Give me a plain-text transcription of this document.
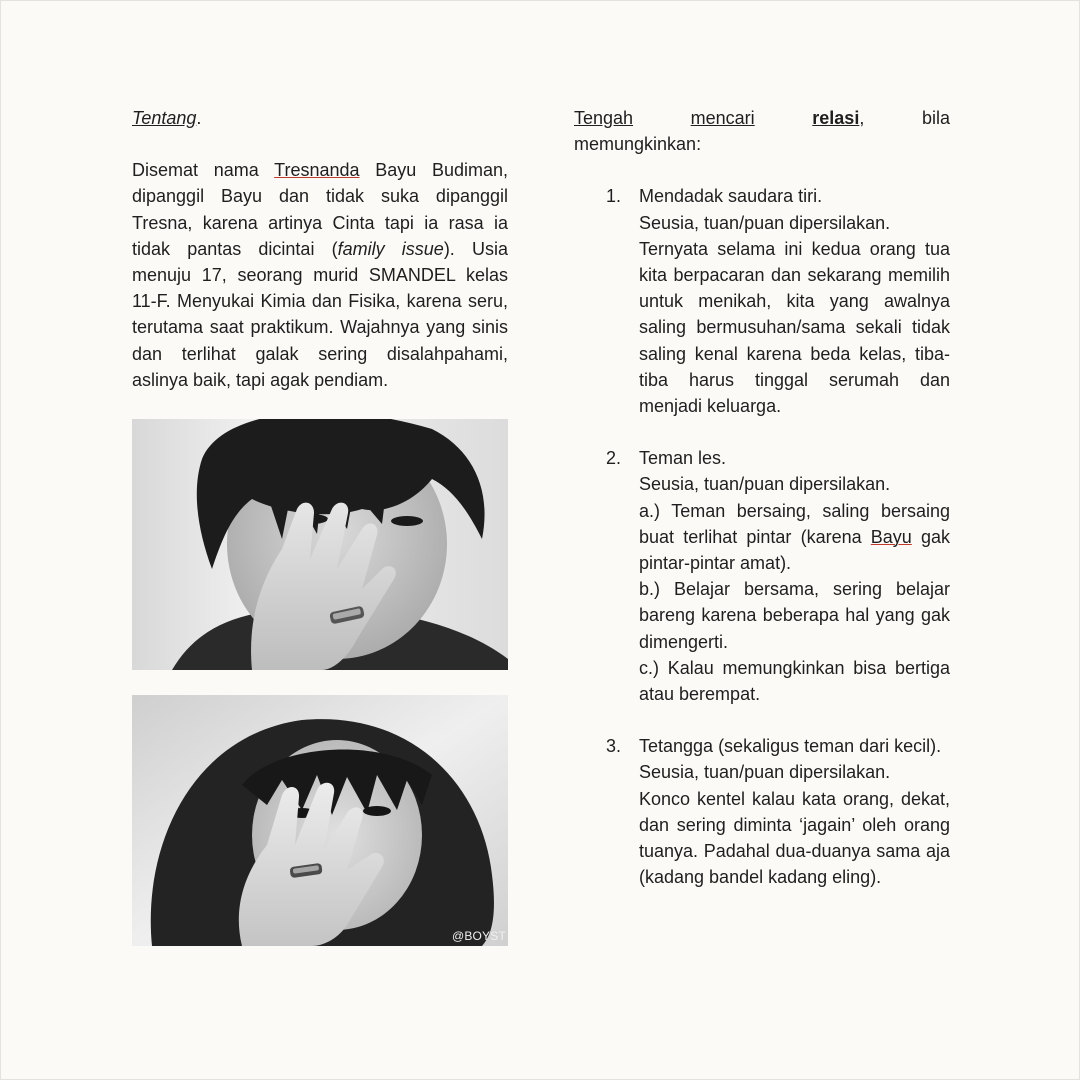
Tentang.

Disemat nama Tresnanda Bayu Budiman, dipanggil Bayu dan tidak suka dipanggil Tresna, karena artinya Cinta tapi ia rasa ia tidak pantas dicintai (family issue). Usia menuju 17, seorang murid SMANDEL kelas 11-F. Menyukai Kimia dan Fisika, karena seru, terutama saat praktikum. Wajahnya yang sinis dan terlihat galak sering disalahpahami, aslinya baik, tapi agak pendiam.

@BOYST
Tengah	mencari	relasi,	bila

memungkinkan:

1. Mendadak saudara tiri.

Seusia, tuan/puan dipersilakan.

Ternyata selama ini kedua orang tua kita berpacaran dan sekarang memilih untuk menikah, kita yang awalnya saling bermusuhan/sama sekali tidak saling kenal karena beda kelas, tiba-tiba harus tinggal serumah dan menjadi keluarga.

2. Teman les.

Seusia, tuan/puan dipersilakan.

a.) Teman bersaing, saling bersaing buat terlihat pintar (karena Bayu gak pintar-pintar amat).

b.) Belajar bersama, sering belajar bareng karena beberapa hal yang gak dimengerti.

c.) Kalau memungkinkan bisa bertiga atau berempat.

3. Tetangga (sekaligus teman dari kecil).

Seusia, tuan/puan dipersilakan.

Konco kentel kalau kata orang, dekat, dan sering diminta ‘jagain’ oleh orang tuanya. Padahal dua-duanya sama aja (kadang bandel kadang eling).
